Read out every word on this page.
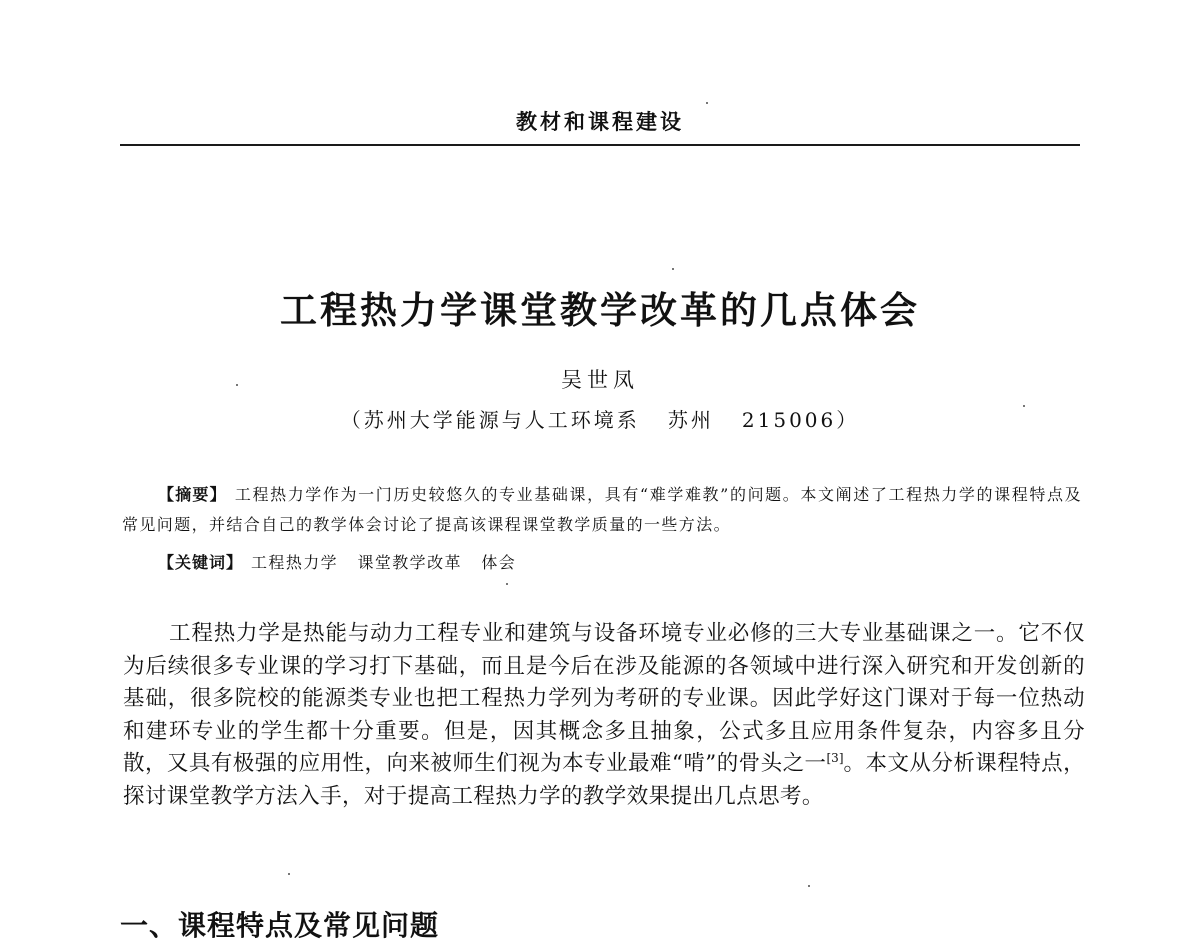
教材和课程建设
工程热力学课堂教学改革的几点体会
吴世凤
（苏州大学能源与人工环境系   苏州   215006）
【摘要】 工程热力学作为一门历史较悠久的专业基础课，具有“难学难教”的问题。本文阐述了工程热力学的课程特点及常见问题，并结合自己的教学体会讨论了提高该课程课堂教学质量的一些方法。
【关键词】 工程热力学   课堂教学改革   体会
工程热力学是热能与动力工程专业和建筑与设备环境专业必修的三大专业基础课之一。它不仅为后续很多专业课的学习打下基础，而且是今后在涉及能源的各领域中进行深入研究和开发创新的基础，很多院校的能源类专业也把工程热力学列为考研的专业课。因此学好这门课对于每一位热动和建环专业的学生都十分重要。但是，因其概念多且抽象，公式多且应用条件复杂，内容多且分散，又具有极强的应用性，向来被师生们视为本专业最难“啃”的骨头之一[3]。本文从分析课程特点，探讨课堂教学方法入手，对于提高工程热力学的教学效果提出几点思考。
一、课程特点及常见问题
